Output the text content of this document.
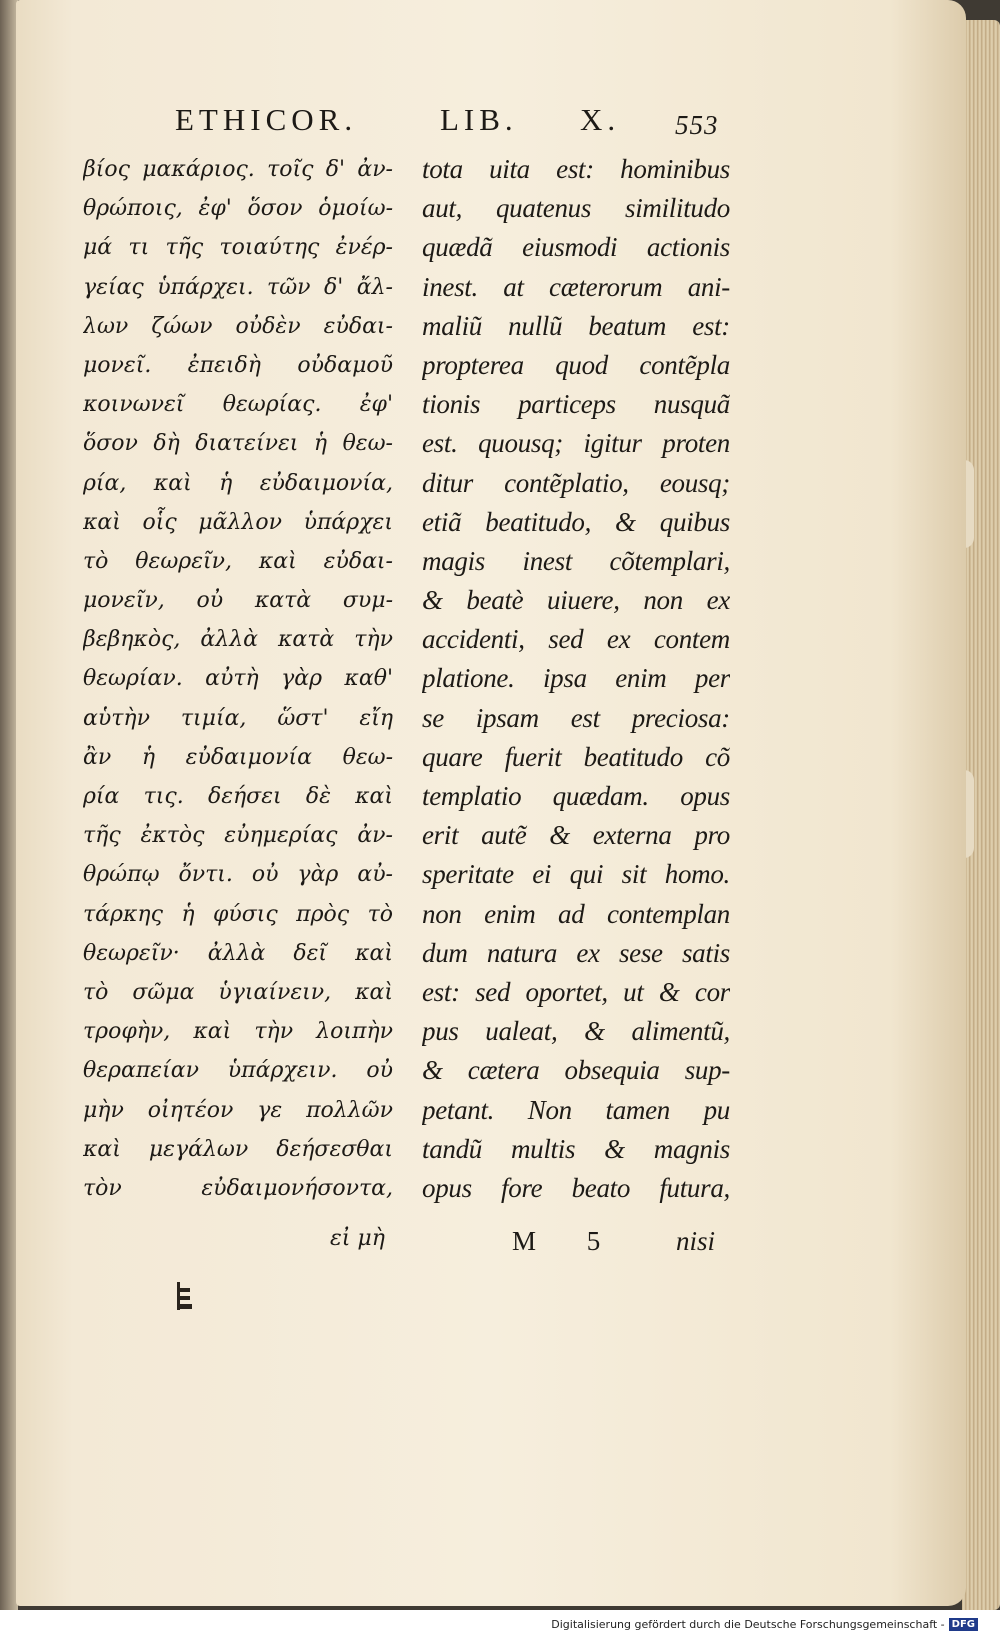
ETHICOR.	LIB. X. 553
βίος μακάριος. τοῖς δ' ἀν-
θρώποις, ἐφ' ὅσον ὁμοίω-
μά τι τῆς τοιαύτης ἐνέρ-
γείας ὑπάρχει. τῶν δ' ἄλ-
λων ζώων οὐδὲν εὐδαι-
μονεῖ. ἐπειδὴ οὐδαμοῦ
κοινωνεῖ θεωρίας. ἐφ'
ὅσον δὴ διατείνει ἡ θεω-
ρία, καὶ ἡ εὐδαιμονία,
καὶ οἷς μᾶλλον ὑπάρχει
τὸ θεωρεῖν, καὶ εὐδαι-
μονεῖν, οὐ κατὰ συμ-
βεβηκὸς, ἀλλὰ κατὰ τὴν
θεωρίαν. αὐτὴ γὰρ καθ'
αὑτὴν τιμία, ὥστ' εἴη
ἂν ἡ εὐδαιμονία θεω-
ρία τις. δεήσει δὲ καὶ
τῆς ἐκτὸς εὐημερίας ἀν-
θρώπῳ ὄντι. οὐ γὰρ αὐ-
τάρκης ἡ φύσις πρὸς τὸ
θεωρεῖν· ἀλλὰ δεῖ καὶ
τὸ σῶμα ὑγιαίνειν, καὶ
τροφὴν, καὶ τὴν λοιπὴν
θεραπείαν ὑπάρχειν. οὐ
μὴν οἰητέον γε πολλῶν
καὶ μεγάλων δεήσεσθαι
τὸν εὐδαιμονήσοντα,
tota uita est: hominibus
aut, quatenus similitudo
quædã eiusmodi actionis
inest. at cæterorum ani-
maliũ nullũ beatum est:
propterea quod contẽpla
tionis particeps nusquã
est. quousq; igitur proten
ditur contẽplatio, eousq;
etiã beatitudo, & quibus
magis inest cõtemplari,
& beatè uiuere, non ex
accidenti, sed ex contem
platione. ipsa enim per
se ipsam est preciosa:
quare fuerit beatitudo cõ
templatio quædam. opus
erit autẽ & externa pro
speritate ei qui sit homo.
non enim ad contemplan
dum natura ex sese satis
est: sed oportet, ut & cor
pus ualeat, & alimentũ,
& cætera obsequia sup-
petant. Non tamen pu
tandũ multis & magnis
opus fore beato futura,
εἰ μὴ	M 5 nisi
Digitalisierung gefördert durch die Deutsche Forschungsgemeinschaft - DFG
